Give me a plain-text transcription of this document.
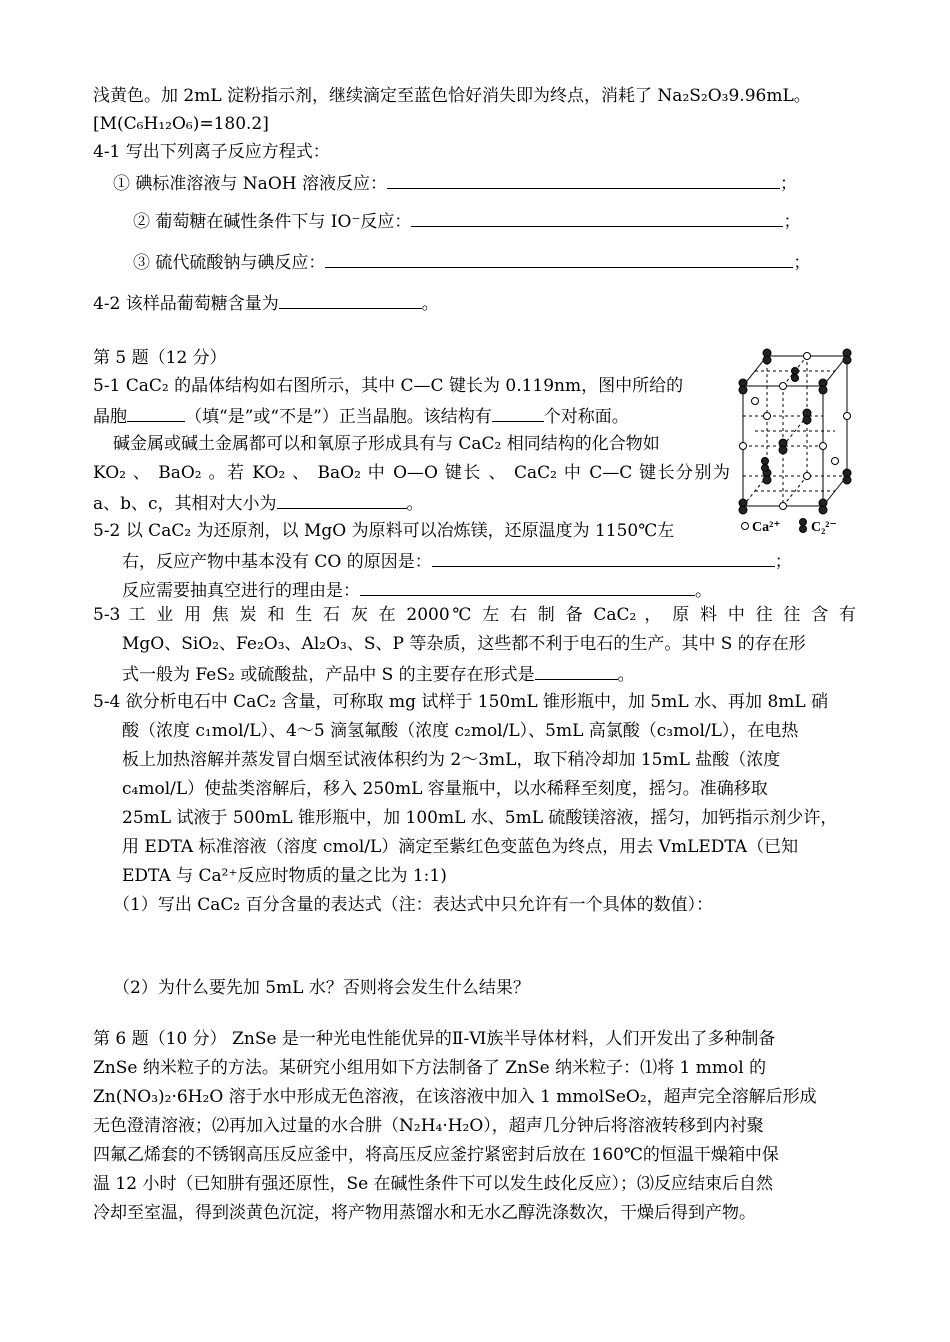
浅黄色。加 2mL 淀粉指示剂，继续滴定至蓝色恰好消失即为终点，消耗了 Na₂S₂O₃9.96mL。
[M(C₆H₁₂O₆)=180.2]
4-1 写出下列离子反应方程式：
① 碘标准溶液与 NaOH 溶液反应：	；
② 葡萄糖在碱性条件下与 IO⁻反应：	；
③ 硫代硫酸钠与碘反应：	；
4-2 该样品葡萄糖含量为	。
第 5 题（12 分）
5-1 CaC₂ 的晶体结构如右图所示，其中 C—C 键长为 0.119nm，图中所给的
晶胞	（填“是”或“不是”）正当晶胞。该结构有	个对称面。
碱金属或碱土金属都可以和氧原子形成具有与 CaC₂ 相同结构的化合物如
KO₂ 、 BaO₂ 。若 KO₂ 、 BaO₂ 中 O—O 键长 、 CaC₂ 中 C—C 键长分别为
a、b、c，其相对大小为	。
5-2 以 CaC₂ 为还原剂，以 MgO 为原料可以冶炼镁，还原温度为 1150℃左
右，反应产物中基本没有 CO 的原因是：	；
反应需要抽真空进行的理由是：	。
5-3 工 业 用 焦 炭 和 生 石 灰 在 2000℃ 左 右 制 备 CaC₂ ， 原 料 中 往 往 含 有
MgO、SiO₂、Fe₂O₃、Al₂O₃、S、P 等杂质，这些都不利于电石的生产。其中 S 的存在形
式一般为 FeS₂ 或硫酸盐，产品中 S 的主要存在形式是	。
5-4 欲分析电石中 CaC₂ 含量，可称取 mg 试样于 150mL 锥形瓶中，加 5mL 水、再加 8mL 硝
酸（浓度 c₁mol/L）、4～5 滴氢氟酸（浓度 c₂mol/L）、5mL 高氯酸（c₃mol/L），在电热
板上加热溶解并蒸发冒白烟至试液体积约为 2～3mL，取下稍冷却加 15mL 盐酸（浓度
c₄mol/L）使盐类溶解后，移入 250mL 容量瓶中，以水稀释至刻度，摇匀。准确移取
25mL 试液于 500mL 锥形瓶中，加 100mL 水、5mL 硫酸镁溶液，摇匀，加钙指示剂少许，
用 EDTA 标准溶液（溶度 cmol/L）滴定至紫红色变蓝色为终点，用去 VmLEDTA（已知
EDTA 与 Ca²⁺反应时物质的量之比为 1:1)
（1）写出 CaC₂ 百分含量的表达式（注：表达式中只允许有一个具体的数值）：
（2）为什么要先加 5mL 水？否则将会发生什么结果？
Ca²⁺ C₂²⁻
第 6 题（10 分） ZnSe 是一种光电性能优异的Ⅱ-Ⅵ族半导体材料，人们开发出了多种制备
ZnSe 纳米粒子的方法。某研究小组用如下方法制备了 ZnSe 纳米粒子：⑴将 1 mmol 的
Zn(NO₃)₂·6H₂O 溶于水中形成无色溶液，在该溶液中加入 1 mmolSeO₂，超声完全溶解后形成
无色澄清溶液；⑵再加入过量的水合肼（N₂H₄·H₂O），超声几分钟后将溶液转移到内衬聚
四氟乙烯套的不锈钢高压反应釜中，将高压反应釜拧紧密封后放在 160℃的恒温干燥箱中保
温 12 小时（已知肼有强还原性，Se 在碱性条件下可以发生歧化反应）；⑶反应结束后自然
冷却至室温，得到淡黄色沉淀，将产物用蒸馏水和无水乙醇洗涤数次，干燥后得到产物。
